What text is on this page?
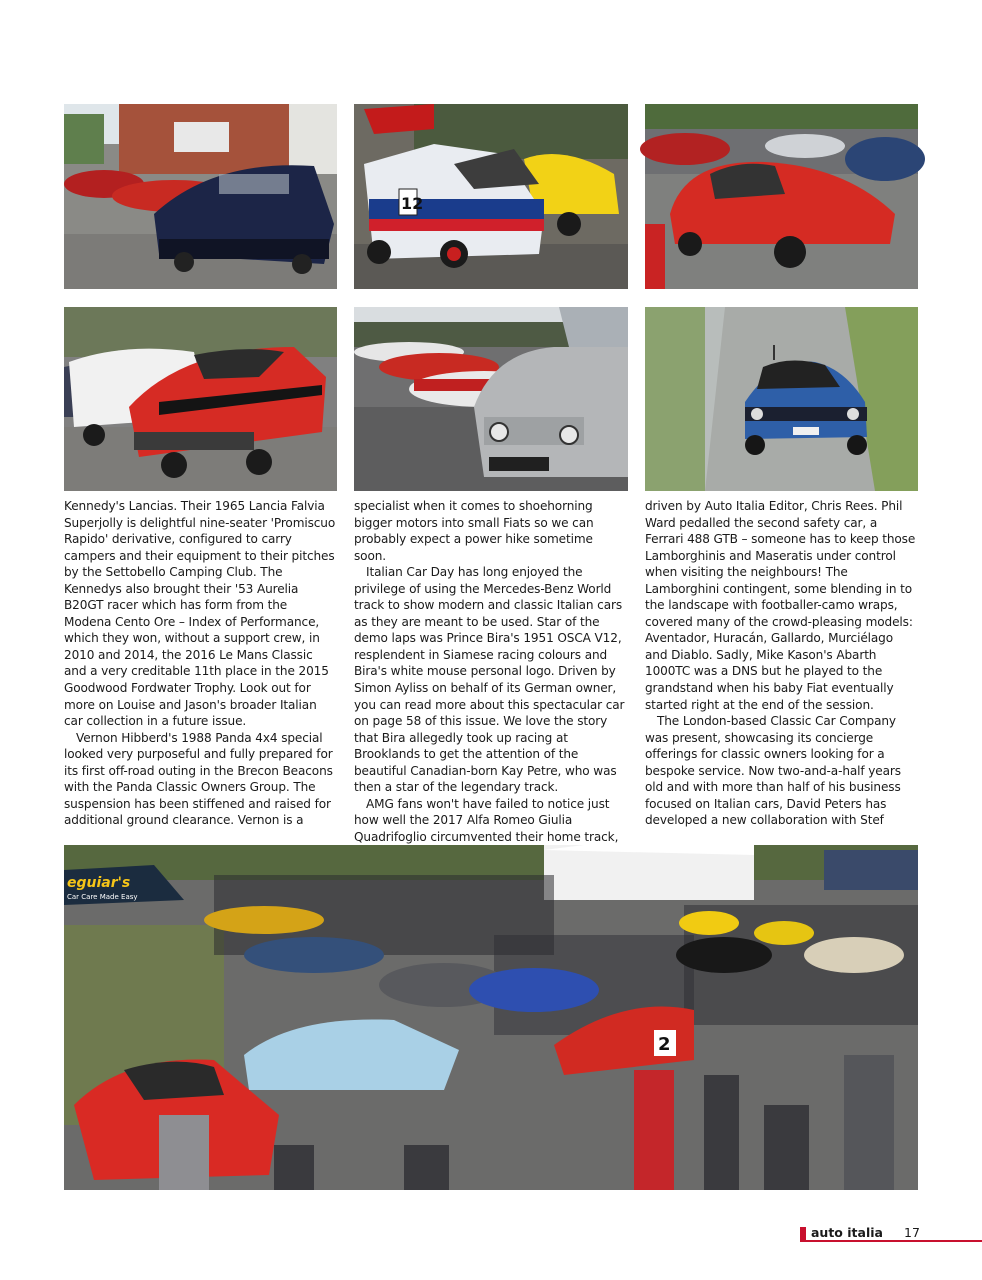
12

Kennedy's Lancias. Their 1965 Lancia Falvia Superjolly is delightful nine-seater 'Promiscuo Rapido' derivative, configured to carry campers and their equipment to their pitches by the Settobello Camping Club. The Kennedys also brought their '53 Aurelia B20GT racer which has form from the Modena Cento Ore – Index of Performance, which they won, without a support crew, in 2010 and 2014, the 2016 Le Mans Classic and a very creditable 11th place in the 2015 Goodwood Fordwater Trophy. Look out for more on Louise and Jason's broader Italian car collection in a future issue.

Vernon Hibberd's 1988 Panda 4x4 special looked very purposeful and fully prepared for its first off-road outing in the Brecon Beacons with the Panda Classic Owners Group. The suspension has been stiffened and raised for additional ground clearance. Vernon is a

specialist when it comes to shoehorning bigger motors into small Fiats so we can probably expect a power hike sometime soon.

Italian Car Day has long enjoyed the privilege of using the Mercedes-Benz World track to show modern and classic Italian cars as they are meant to be used. Star of the demo laps was Prince Bira's 1951 OSCA V12, resplendent in Siamese racing colours and Bira's white mouse personal logo. Driven by Simon Ayliss on behalf of its German owner, you can read more about this spectacular car on page 58 of this issue. We love the story that Bira allegedly took up racing at Brooklands to get the attention of the beautiful Canadian-born Kay Petre, who was then a star of the legendary track.

AMG fans won't have failed to notice just how well the 2017 Alfa Romeo Giulia Quadrifoglio circumvented their home track,

driven by Auto Italia Editor, Chris Rees. Phil Ward pedalled the second safety car, a Ferrari 488 GTB – someone has to keep those Lamborghinis and Maseratis under control when visiting the neighbours! The Lamborghini contingent, some blending in to the landscape with footballer-camo wraps, covered many of the crowd-pleasing models: Aventador, Huracán, Gallardo, Murciélago and Diablo. Sadly, Mike Kason's Abarth 1000TC was a DNS but he played to the grandstand when his baby Fiat eventually started right at the end of the session.

The London-based Classic Car Company was present, showcasing its concierge offerings for classic owners looking for a bespoke service. Now two-and-a-half years old and with more than half of his business focused on Italian cars, David Peters has developed a new collaboration with Stef

eguiar's
Car Care Made Easy
2
auto italia 17
